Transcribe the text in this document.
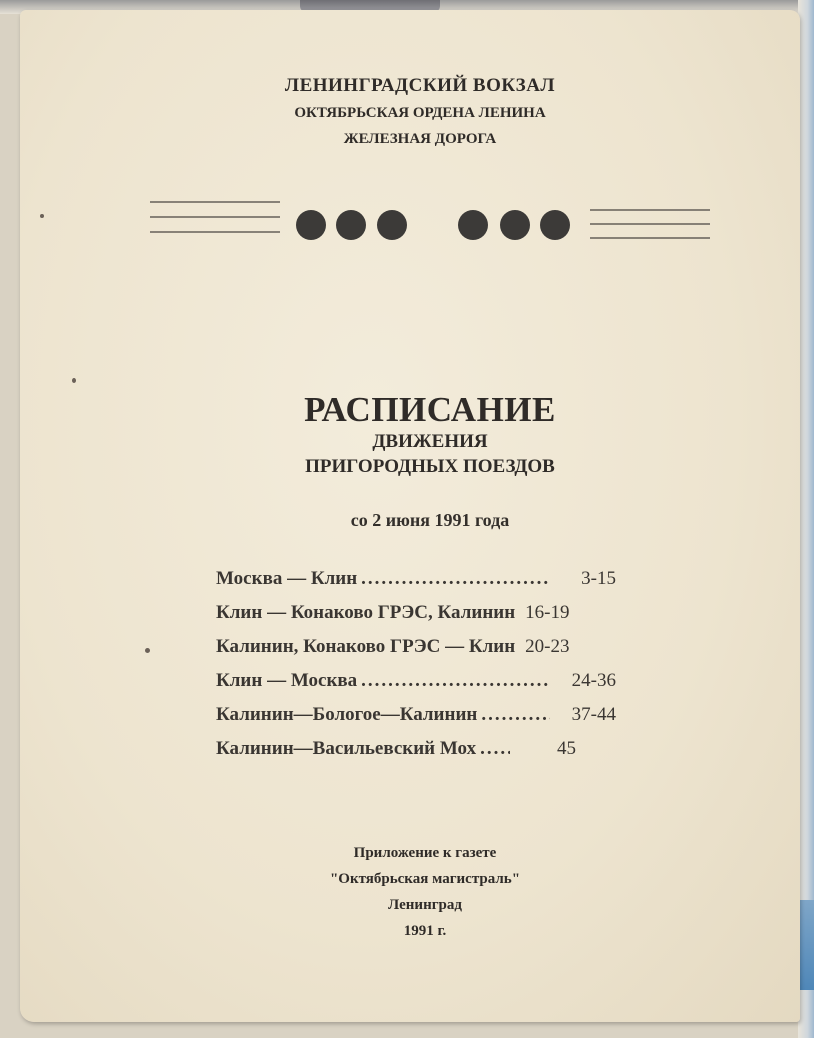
ЛЕНИНГРАДСКИЙ ВОКЗАЛ
ОКТЯБРЬСКАЯ ОРДЕНА ЛЕНИНА
ЖЕЛЕЗНАЯ ДОРОГА
РАСПИСАНИЕ
ДВИЖЕНИЯ
ПРИГОРОДНЫХ ПОЕЗДОВ
со 2 июня 1991 года
Москва — Клин .....	3-15
Клин — Конаково ГРЭС, Калинин 16-19
Калинин, Конаково ГРЭС — Клин 20-23
Клин — Москва .....	24-36
Калинин—Бологое—Калинин .....	37-44
Калинин—Васильевский Мох .....	45
Приложение к газете
"Октябрьская магистраль"
Ленинград
1991 г.
